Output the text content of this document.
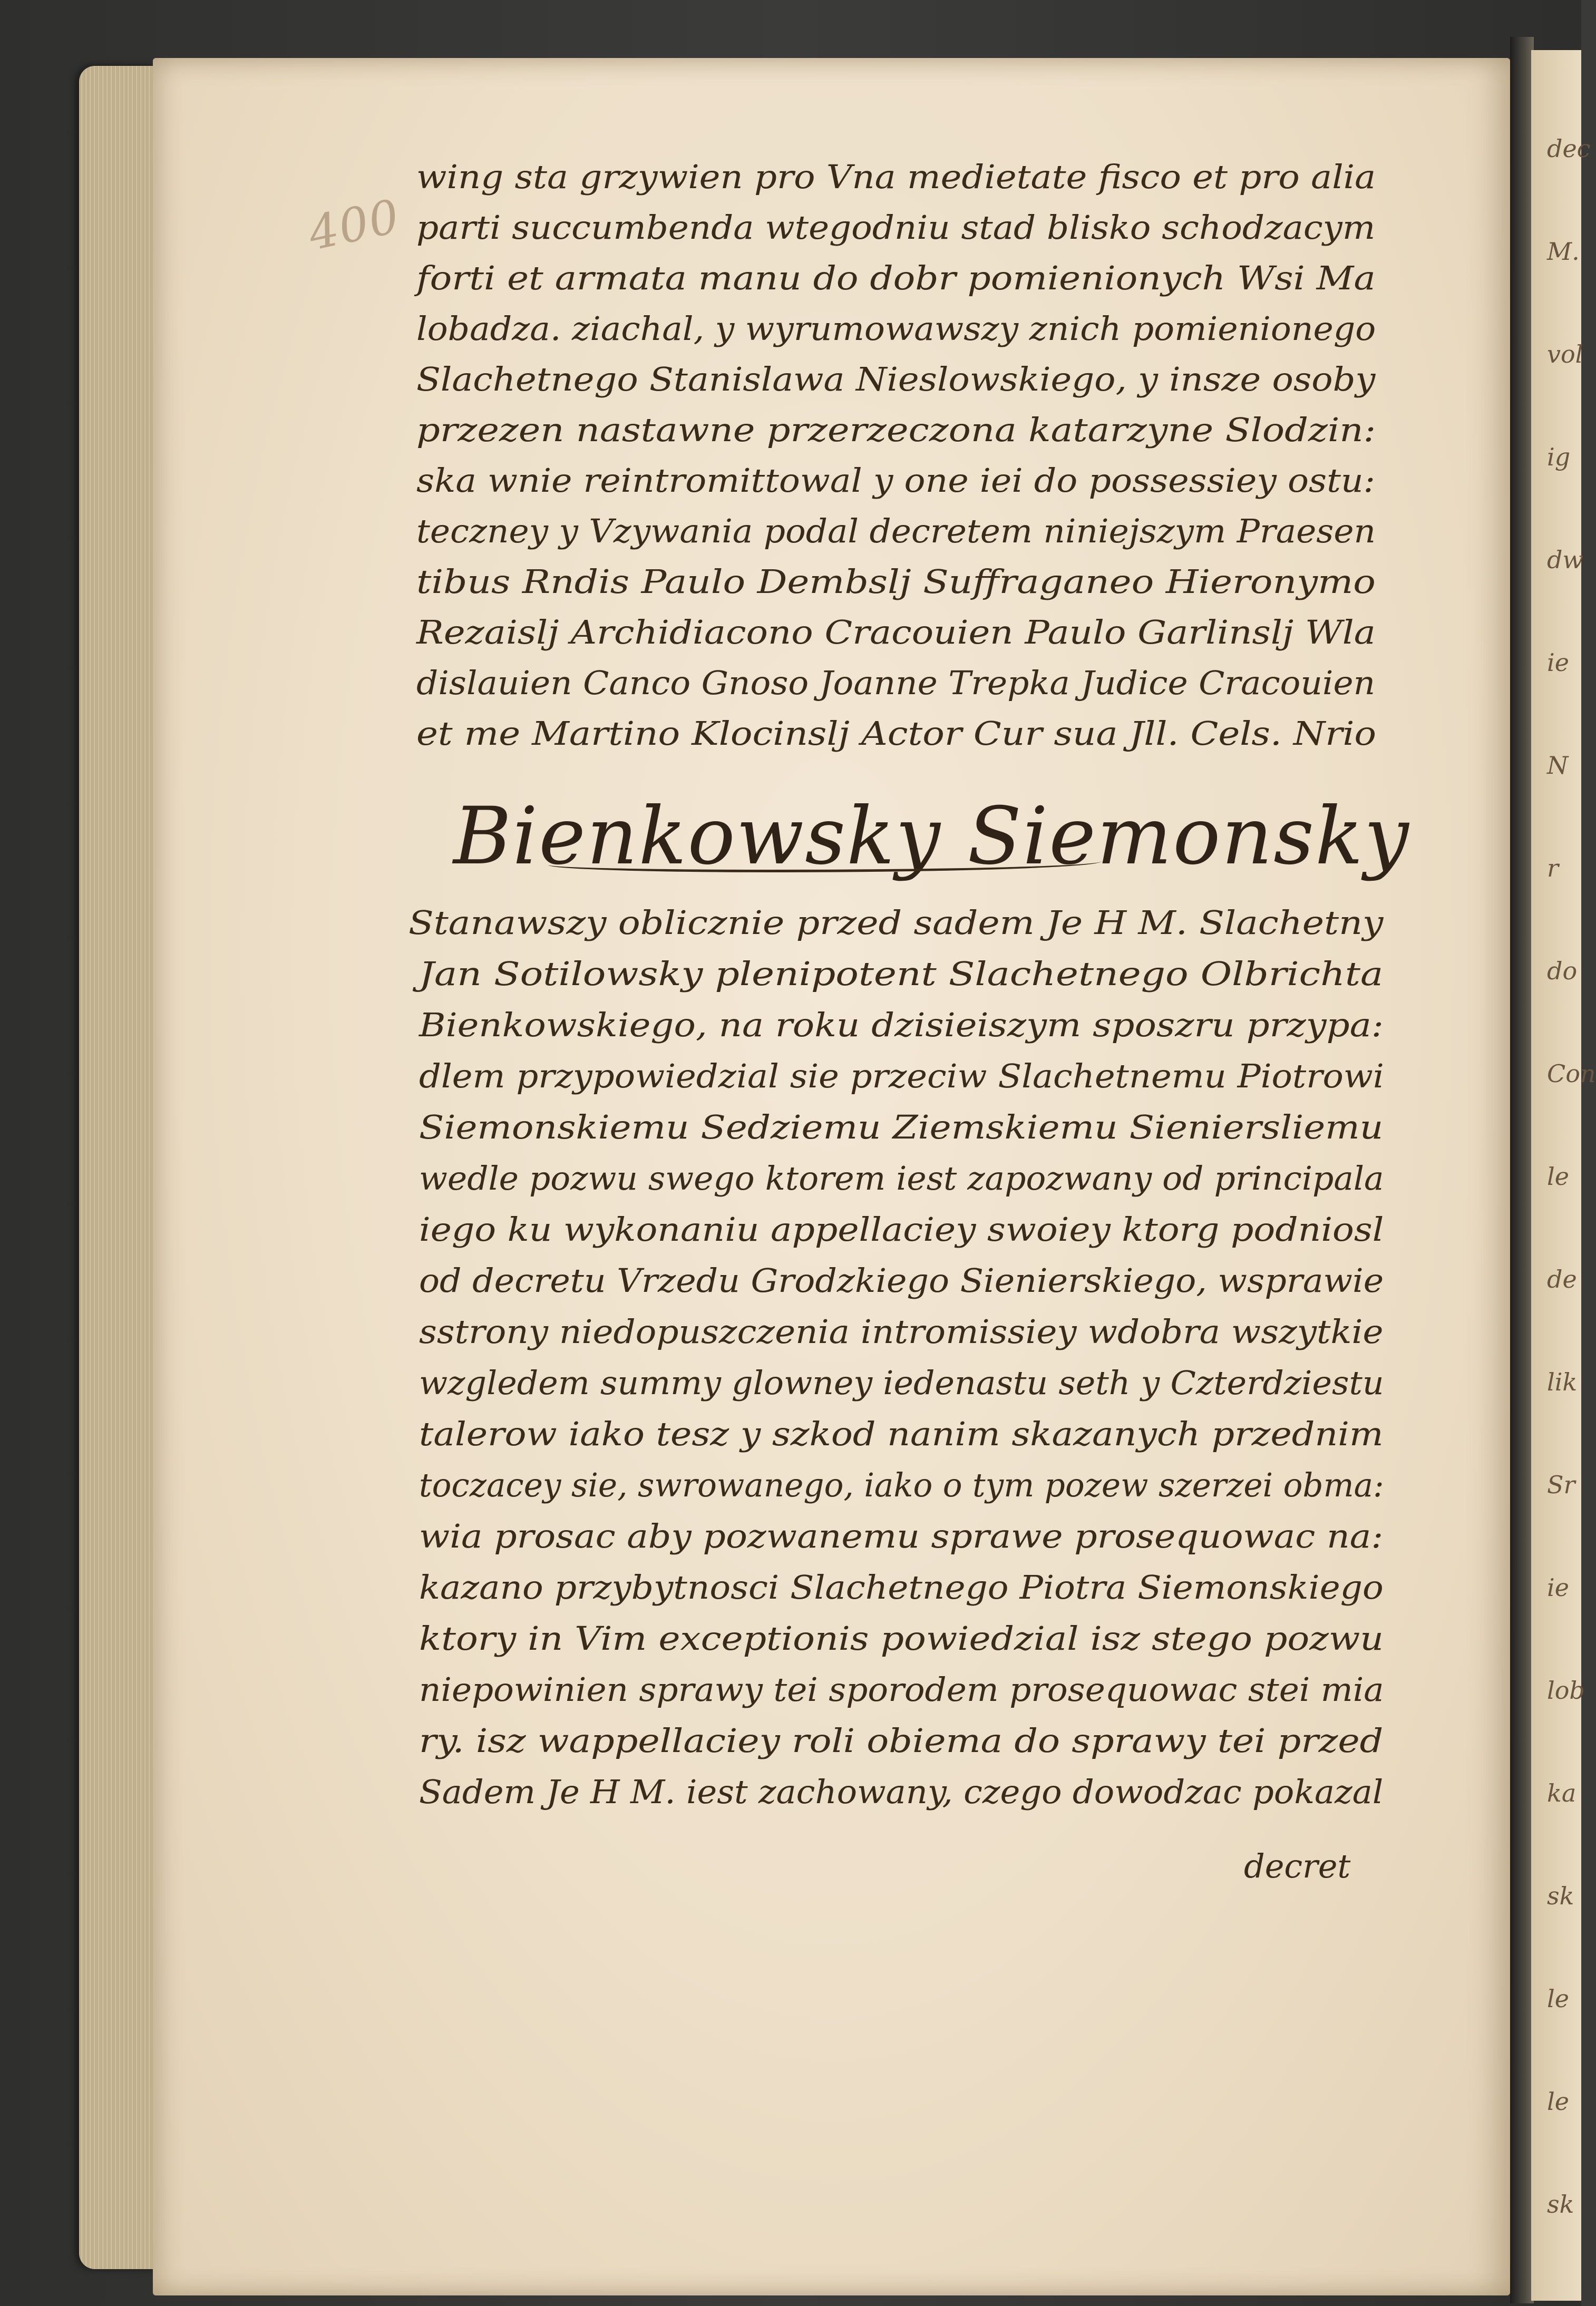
dec
M.
vol
ig
dw
ie
N
r
do
Con
le
de
lik
Sr
ie
lob
ka
sk
le
le
sk
400
wing sta grzywien pro Vna medietate fisco et pro alia
parti succumbenda wtegodniu stad blisko schodzacym
forti et armata manu do dobr pomienionych Wsi Ma
lobadza. ziachal, y wyrumowawszy znich pomienionego
Slachetnego Stanislawa Nieslowskiego, y insze osoby
przezen nastawne przerzeczona katarzyne Slodzin:
ska wnie reintromittowal y one iei do possessiey ostu:
teczney y Vzywania podal decretem niniejszym Praesen
tibus Rndis Paulo Dembslj Suffraganeo Hieronymo
Rezaislj Archidiacono Cracouien Paulo Garlinslj Wla
dislauien Canco Gnoso Joanne Trepka Judice Cracouien
et me Martino Klocinslj Actor Cur sua Jll. Cels. Nrio
Bienkowsky Siemonsky
Stanawszy oblicznie przed sadem Je H M. Slachetny
Jan Sotilowsky plenipotent Slachetnego Olbrichta
Bienkowskiego, na roku dzisieiszym sposzru przypa:
dlem przypowiedzial sie przeciw Slachetnemu Piotrowi
Siemonskiemu Sedziemu Ziemskiemu Sieniersliemu
wedle pozwu swego ktorem iest zapozwany od principala
iego ku wykonaniu appellaciey swoiey ktorg podniosl
od decretu Vrzedu Grodzkiego Sienierskiego, wsprawie
sstrony niedopuszczenia intromissiey wdobra wszytkie
wzgledem summy glowney iedenastu seth y Czterdziestu
talerow iako tesz y szkod nanim skazanych przednim
toczacey sie, swrowanego, iako o tym pozew szerzei obma:
wia prosac aby pozwanemu sprawe prosequowac na:
kazano przybytnosci Slachetnego Piotra Siemonskiego
ktory in Vim exceptionis powiedzial isz stego pozwu
niepowinien sprawy tei sporodem prosequowac stei mia
ry. isz wappellaciey roli obiema do sprawy tei przed
Sadem Je H M. iest zachowany, czego dowodzac pokazal
decret
